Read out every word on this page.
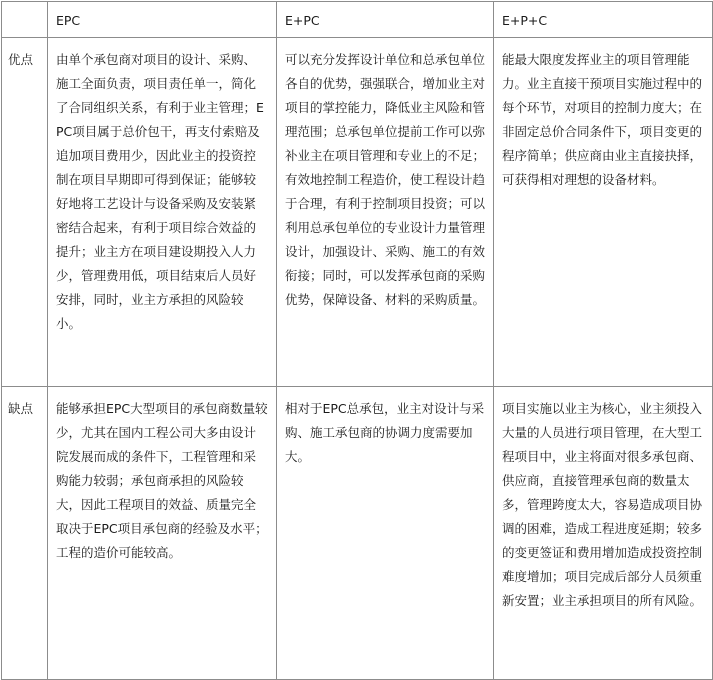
	EPC	E+PC	E+P+C
优点	由单个承包商对项目的设计、采购、施工全面负责，项目责任单一，简化了合同组织关系，有利于业主管理；EPC项目属于总价包干，再支付索赔及追加项目费用少，因此业主的投资控制在项目早期即可得到保证；能够较好地将工艺设计与设备采购及安装紧密结合起来，有利于项目综合效益的提升；业主方在项目建设期投入人力少，管理费用低，项目结束后人员好安排，同时，业主方承担的风险较小。	可以充分发挥设计单位和总承包单位各自的优势，强强联合，增加业主对项目的掌控能力，降低业主风险和管理范围；总承包单位提前工作可以弥补业主在项目管理和专业上的不足；有效地控制工程造价，使工程设计趋于合理，有利于控制项目投资；可以利用总承包单位的专业设计力量管理设计，加强设计、采购、施工的有效衔接；同时，可以发挥承包商的采购优势，保障设备、材料的采购质量。	能最大限度发挥业主的项目管理能力。业主直接干预项目实施过程中的每个环节，对项目的控制力度大；在非固定总价合同条件下，项目变更的程序简单；供应商由业主直接抉择，可获得相对理想的设备材料。
缺点	能够承担EPC大型项目的承包商数量较少，尤其在国内工程公司大多由设计院发展而成的条件下，工程管理和采购能力较弱；承包商承担的风险较大，因此工程项目的效益、质量完全取决于EPC项目承包商的经验及水平；工程的造价可能较高。	相对于EPC总承包，业主对设计与采购、施工承包商的协调力度需要加大。	项目实施以业主为核心，业主须投入大量的人员进行项目管理，在大型工程项目中，业主将面对很多承包商、供应商，直接管理承包商的数量太多，管理跨度太大，容易造成项目协调的困难，造成工程进度延期；较多的变更签证和费用增加造成投资控制难度增加；项目完成后部分人员须重新安置；业主承担项目的所有风险。
